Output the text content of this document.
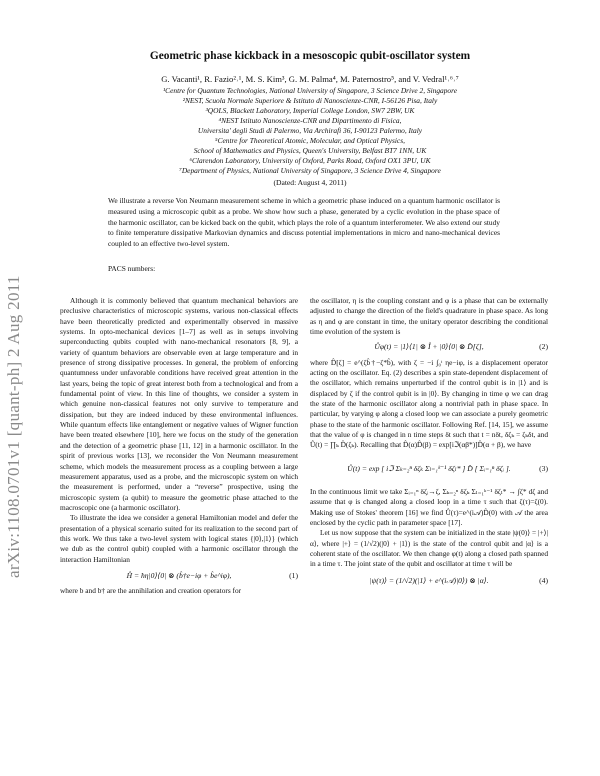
arXiv:1108.0701v1 [quant-ph] 2 Aug 2011
Geometric phase kickback in a mesoscopic qubit-oscillator system
G. Vacanti¹, R. Fazio²˒¹, M. S. Kim³, G. M. Palma⁴, M. Paternostro⁵, and V. Vedral¹˒⁶˒⁷
¹Centre for Quantum Technologies, National University of Singapore, 3 Science Drive 2, Singapore
²NEST, Scuola Normale Superiore & Istituto di Nanoscienze-CNR, I-56126 Pisa, Italy
³QOLS, Blackett Laboratory, Imperial College London, SW7 2BW, UK
⁴NEST Istituto Nanoscienze-CNR and Dipartimento di Fisica,
Universita' degli Studi di Palermo, Via Archirafi 36, I-90123 Palermo, Italy
⁵Centre for Theoretical Atomic, Molecular, and Optical Physics,
School of Mathematics and Physics, Queen's University, Belfast BT7 1NN, UK
⁶Clarendon Laboratory, University of Oxford, Parks Road, Oxford OX1 3PU, UK
⁷Department of Physics, National University of Singapore, 3 Science Drive 4, Singapore
(Dated: August 4, 2011)
We illustrate a reverse Von Neumann measurement scheme in which a geometric phase induced on a quantum harmonic oscillator is measured using a microscopic qubit as a probe. We show how such a phase, generated by a cyclic evolution in the phase space of the harmonic oscillator, can be kicked back on the qubit, which plays the role of a quantum interferometer. We also extend our study to finite temperature dissipative Markovian dynamics and discuss potential implementations in micro and nano-mechanical devices coupled to an effective two-level system.
PACS numbers:

Although it is commonly believed that quantum mechanical behaviors are preclusive characteristics of microscopic systems, various non-classical effects have been theoretically predicted and experimentally observed in massive systems. In opto-mechanical devices [1–7] as well as in setups involving superconducting qubits coupled with nano-mechanical resonators [8, 9], a variety of quantum behaviors are observable even at large temperature and in presence of strong dissipative processes. In general, the problem of enforcing quantumness under unfavorable conditions have received great attention in the last years, being the topic of great interest both from a technological and from a fundamental point of view. In this line of thoughts, we consider a system in which genuine non-classical features not only survive to temperature and dissipation, but they are indeed induced by these environmental influences. While quantum effects like entanglement or negative values of Wigner function have been treated elsewhere [10], here we focus on the study of the generation and the detection of a geometric phase [11, 12] in a harmonic oscillator. In the spirit of previous works [13], we reconsider the Von Neumann measurement scheme, which models the measurement process as a coupling between a large measurement apparatus, used as a probe, and the microscopic system on which the measurement is performed, under a “reverse” prospective, using the microscopic system (a qubit) to measure the geometric phase attached to the macroscopic one (a harmonic oscillator).

To illustrate the idea we consider a general Hamiltonian model and defer the presentation of a physical scenario suited for its realization to the second part of this work. We thus take a two-level system with logical states {|0⟩,|1⟩} (which we dub as the control qubit) coupled with a harmonic oscillator through the interaction Hamiltonian

Ĥ = ħη|0⟩⟨0| ⊗ (b̂†e−iφ + b̂e^iφ),	(1)

where b and b† are the annihilation and creation operators for

the oscillator, η is the coupling constant and φ is a phase that can be externally adjusted to change the direction of the field's quadrature in phase space. As long as η and φ are constant in time, the unitary operator describing the conditional time evolution of the system is

Ûφ(t) = |1⟩⟨1| ⊗ Î + |0⟩⟨0| ⊗ D̂[ζ],	(2)

where D̂[ζ] = e^(ζb̂†−ζ*b̂), with ζ = −i ∫₀ᵗ ηe−iφ, is a displacement operator acting on the oscillator. Eq. (2) describes a spin state-dependent displacement of the oscillator, which remains unperturbed if the control qubit is in |1⟩ and is displaced by ζ if the control qubit is in |0⟩. By changing in time φ we can drag the state of the harmonic oscillator along a nontrivial path in phase space. In particular, by varying φ along a closed loop we can associate a purely geometric phase to the state of the harmonic oscillator. Following Ref. [14, 15], we assume that the value of φ is changed in n time steps δt such that t = nδt, δζₖ = ζₖδt, and Û(t) = ∏ₖ D̂(ζₖ). Recalling that D̂(α)D̂(β) = exp[iℑ(αβ*)]D̂(α + β), we have

Û(t) = exp [ iℑ Σₖ₌₂ⁿ δζₖ Σₗ₌₁ᵏ⁻¹ δζₗ* ] D̂ [ Σᵢ₌₁ⁿ δζᵢ ].	(3)

In the continuous limit we take Σᵢ₌₁ⁿ δζᵢ→ζ, Σₖ₌₂ⁿ δζₖ Σₗ₌₁ᵏ⁻¹ δζₗ* → ∫ζ* dζ and assume that φ is changed along a closed loop in a time τ such that ζ(τ)=ζ(0). Making use of Stokes' theorem [16] we find Û(τ)=e^(i𝒜)D̂(0) with 𝒜 the area enclosed by the cyclic path in parameter space [17].

Let us now suppose that the system can be initialized in the state |ψ(0)⟩ = |+⟩|α⟩, where |+⟩ = (1/√2)(|0⟩ + |1⟩) is the state of the control qubit and |α⟩ is a coherent state of the oscillator. We then change φ(t) along a closed path spanned in a time τ. The joint state of the qubit and oscillator at time τ will be

|ψ(τ)⟩ = (1/√2)(|1⟩ + e^(i𝒜)|0⟩) ⊗ |α⟩.	(4)
